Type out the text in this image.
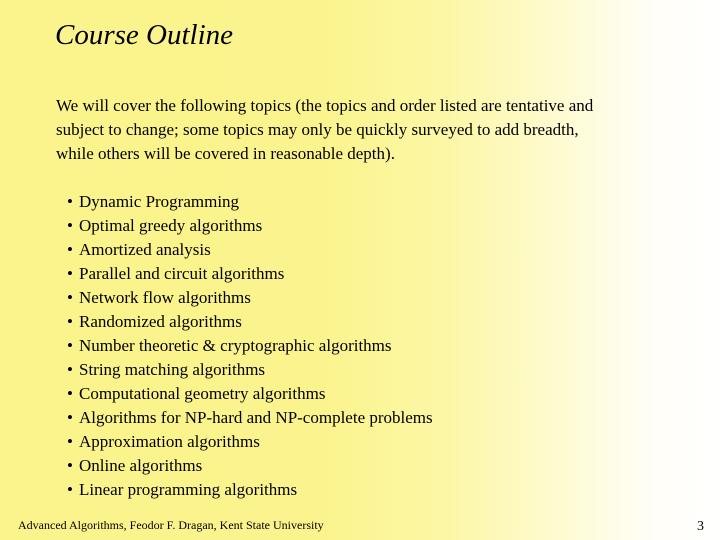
Course Outline
We will cover the following topics (the topics and order listed are tentative and
subject to change; some topics may only be quickly surveyed to add breadth,
while others will be covered in reasonable depth).
• Dynamic Programming
• Optimal greedy algorithms
• Amortized analysis
• Parallel and circuit algorithms
• Network flow algorithms
• Randomized algorithms
• Number theoretic & cryptographic algorithms
• String matching algorithms
• Computational geometry algorithms
• Algorithms for NP-hard and NP-complete problems
• Approximation algorithms
• Online algorithms
• Linear programming algorithms
Advanced Algorithms, Feodor F. Dragan, Kent State University	3
